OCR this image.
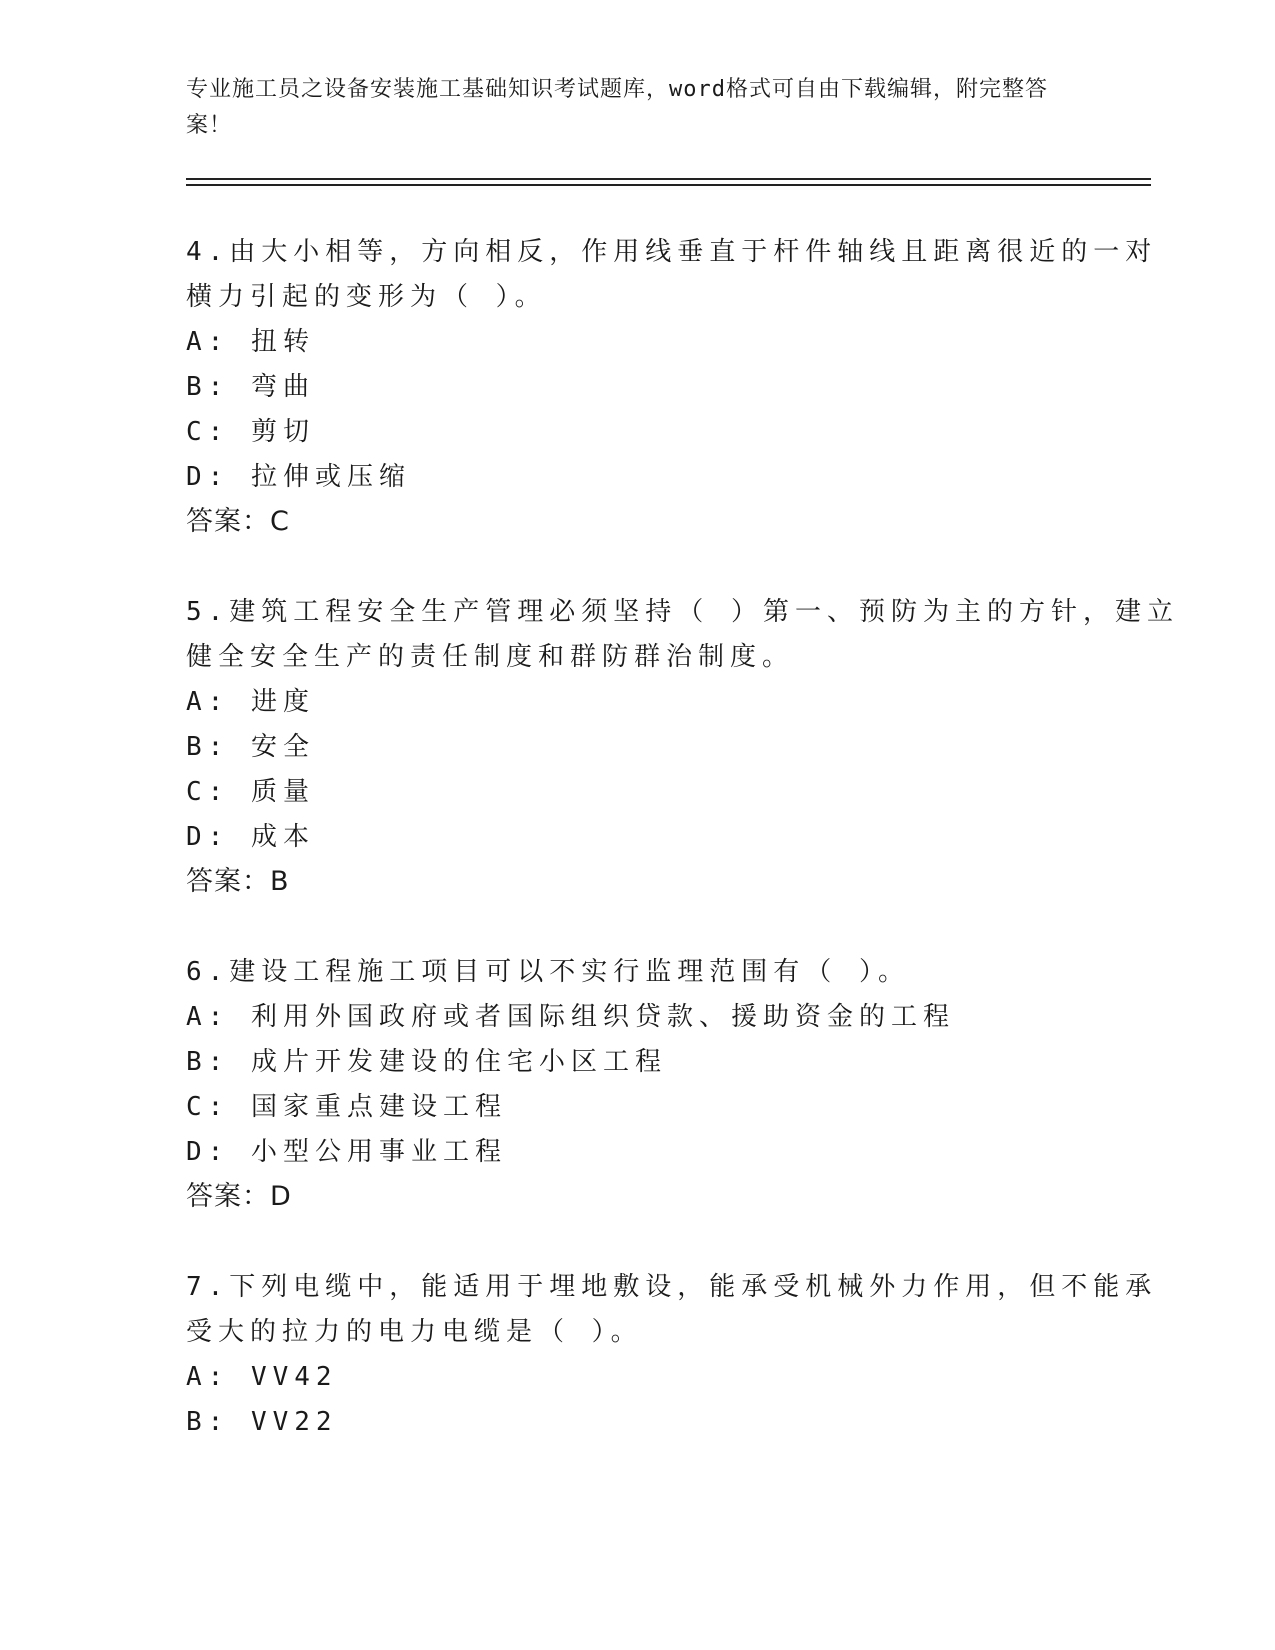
专业施工员之设备安装施工基础知识考试题库，word格式可自由下载编辑，附完整答案！
4.由大小相等，方向相反，作用线垂直于杆件轴线且距离很近的一对
横力引起的变形为（ ）。
A: 扭转
B: 弯曲
C: 剪切
D: 拉伸或压缩
答案：C
5.建筑工程安全生产管理必须坚持（ ）第一、预防为主的方针，建立
健全安全生产的责任制度和群防群治制度。
A: 进度
B: 安全
C: 质量
D: 成本
答案：B
6.建设工程施工项目可以不实行监理范围有（ ）。
A: 利用外国政府或者国际组织贷款、援助资金的工程
B: 成片开发建设的住宅小区工程
C: 国家重点建设工程
D: 小型公用事业工程
答案：D
7.下列电缆中，能适用于埋地敷设，能承受机械外力作用，但不能承
受大的拉力的电力电缆是（ ）。
A: VV42
B: VV22
